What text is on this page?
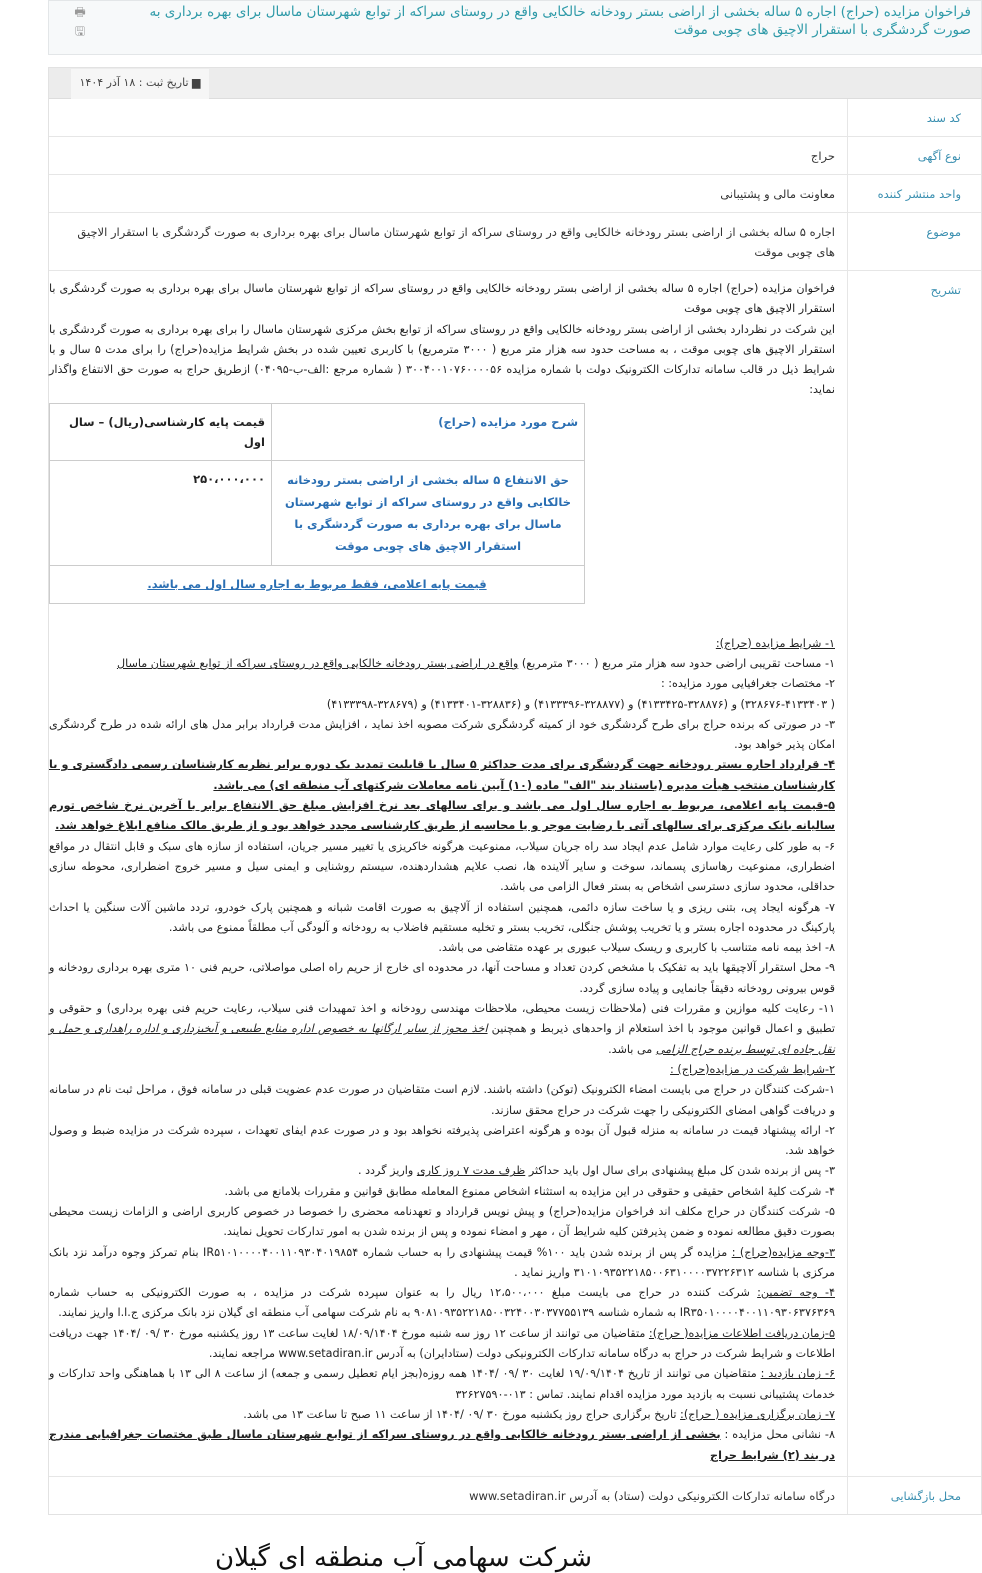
فراخوان مزایده (حراج) اجاره ۵ ساله بخشی از اراضی بستر رودخانه خالکایی واقع در روستای سراکه از توابع شهرستان ماسال برای بهره برداری به صورت گردشگری با استقرار الاچیق های چوبی موقت
🖶
🖫
▆ تاریخ ثبت : ۱۸ آذر ۱۴۰۴
کد سند
نوع آگهی
حراج
واحد منتشر کننده
معاونت مالی و پشتیبانی
موضوع
اجاره ۵ ساله بخشی از اراضی بستر رودخانه خالکایی واقع در روستای سراکه از توابع شهرستان ماسال برای بهره برداری به صورت گردشگری با استقرار الاچیق های چوبی موقت
تشریح

فراخوان مزایده (حراج) اجاره ۵ ساله بخشی از اراضی بستر رودخانه خالکایی واقع در روستای سراکه از توابع شهرستان ماسال برای بهره برداری به صورت گردشگری با استقرار الاچیق های چوبی موقت

این شرکت در نظردارد بخشی از اراضی بستر رودخانه خالکایی واقع در روستای سراکه از توابع بخش مرکزی شهرستان ماسال را برای بهره برداری به صورت گردشگری با استقرار الاچیق های چوبی موقت ، به مساحت حدود سه هزار متر مربع ( ۳۰۰۰ مترمربع) با کاربری تعیین شده در بخش شرایط مزایده(حراج) را برای مدت ۵ سال و با شرایط ذیل در قالب سامانه تدارکات الکترونیک دولت با شماره مزایده ۳۰۰۴۰۰۱۰۷۶۰۰۰۰۵۶ ( شماره مرجع :الف-ب-۰۴۰۹۵) ازطریق حراج به صورت حق الانتفاع واگذار نماید:

شرح مورد مزایده (حراج)	قیمت پایه کارشناسی(ریال) – سال اول
حق الانتفاع ۵ ساله بخشی از اراضی بستر رودخانه خالکایی واقع در روستای سراکه از توابع شهرستان ماسال برای بهره برداری به صورت گردشگری با استقرار الاچیق های چوبی موقت	۲۵۰،۰۰۰،۰۰۰
قیمت پایه اعلامی، فقط مربوط به اجاره سال اول می باشد.	

۱- شرایط مزایده (حراج):

۱- مساحت تقریبی اراضی حدود سه هزار متر مربع ( ۳۰۰۰ مترمربع) واقع در اراضی بستر رودخانه خالکایی واقع در روستای سراکه از توابع شهرستان ماسال

۲- مختصات جغرافیایی مورد مزایده: :

( ۳۲۸۶۷۶-۴۱۳۳۴۰۳) و (۳۲۸۸۷۶-۴۱۳۳۴۲۵) و (۳۲۸۸۷۷-۴۱۳۳۳۹۶) و (۳۲۸۸۳۶-۴۱۳۳۴۰۱) و (۳۲۸۶۷۹-۴۱۳۳۳۹۸)

۳- در صورتی که برنده حراج برای طرح گردشگری خود از کمیته گردشگری شرکت مصوبه اخذ نماید ، افزایش مدت قرارداد برابر مدل های ارائه شده در طرح گردشگری امکان پذیر خواهد بود.

۴- قرارداد اجاره بستر رودخانه جهت گردشگری برای مدت حداکثر ۵ سال با قابلیت تمدید یک دوره برابر نظریه کارشناسان رسمی دادگستری و یا کارشناسان منتخب هیأت مدیره (باستناد بند "الف" ماده (۱۰) آیین نامه معاملات شرکتهای آب منطقه ای) می باشد.

۵-قیمت پایه اعلامی، مربوط به اجاره سال اول می باشد و برای سالهای بعد نرخ افزایش مبلغ حق الانتفاع برابر با آخرین نرخ شاخص تورم سالیانه بانک مرکزی برای سالهای آتی با رضایت موجر و یا محاسبه از طریق کارشناسی مجدد خواهد بود و از طریق مالک منافع ابلاغ خواهد شد.

۶- به طور کلی رعایت موارد شامل عدم ایجاد سد راه جریان سیلاب، ممنوعیت هرگونه خاکریزی یا تغییر مسیر جریان، استفاده از سازه های سبک و قابل انتقال در مواقع اضطراری، ممنوعیت رهاسازی پسماند، سوخت و سایر آلاینده ها، نصب علایم هشداردهنده، سیستم روشنایی و ایمنی سیل و مسیر خروج اضطراری، محوطه سازی حداقلی، محدود سازی دسترسی اشخاص به بستر فعال الزامی می باشد.

۷- هرگونه ایجاد پی، بتنی ریزی و یا ساخت سازه دائمی، همچنین استفاده از آلاچیق به صورت اقامت شبانه و همچنین پارک خودرو، تردد ماشین آلات سنگین یا احداث پارکینگ در محدوده اجاره بستر و یا تخریب پوشش جنگلی، تخریب بستر و تخلیه مستقیم فاضلاب به رودخانه و آلودگی آب مطلقاً ممنوع می باشد.

۸- اخذ بیمه نامه متناسب با کاربری و ریسک سیلاب عبوری بر عهده متقاضی می باشد.

۹- محل استقرار آلاچیقها باید به تفکیک با مشخص کردن تعداد و مساحت آنها، در محدوده ای خارج از حریم راه اصلی مواصلاتی، حریم فنی ۱۰ متری بهره برداری رودخانه و قوس بیرونی رودخانه دقیقاً جانمایی و پیاده سازی گردد.

۱۱- رعایت کلیه موازین و مقررات فنی (ملاحظات زیست محیطی، ملاحظات مهندسی رودخانه و اخذ تمهیدات فنی سیلاب، رعایت حریم فنی بهره برداری) و حقوقی و تطبیق و اعمال قوانین موجود با اخذ استعلام از واحدهای ذیربط و همچنین اخذ مجوز از سایر ارگانها به خصوص اداره منابع طبیعی و آبخیزداری و اداره راهداری و حمل و نقل جاده ای توسط برنده حراج الزامی می باشد.

۲-شرایط شرکت در مزایده(حراج) :

۱-شرکت کنندگان در حراج می بایست امضاء الکترونیک (توکن) داشته باشند. لازم است متقاضیان در صورت عدم عضویت قبلی در سامانه فوق ، مراحل ثبت نام در سامانه و دریافت گواهی امضای الکترونیکی را جهت شرکت در حراج محقق سازند.

۲- ارائه پیشنهاد قیمت در سامانه به منزله قبول آن بوده و هرگونه اعتراضی پذیرفته نخواهد بود و در صورت عدم ایفای تعهدات ، سپرده شرکت در مزایده ضبط و وصول خواهد شد.

۳- پس از برنده شدن کل مبلغ پیشنهادی برای سال اول باید حداکثر ظرف مدت ۷ روز کاری واریز گردد .

۴- شرکت کلیهٔ اشخاص حقیقی و حقوقی در این مزایده به استثناء اشخاص ممنوع المعامله مطابق قوانین و مقررات بلامانع می باشد.

۵- شرکت کنندگان در حراج مکلف اند فراخوان مزایده(حراج) و پیش نویس قرارداد و تعهدنامه محضری را خصوصا در خصوص کاربری اراضی و الزامات زیست محیطی بصورت دقیق مطالعه نموده و ضمن پذیرفتن کلیه شرایط آن ، مهر و امضاء نموده و پس از برنده شدن به امور تدارکات تحویل نمایند.

۳-وجه مزایده(حراج) : مزایده گر پس از برنده شدن باید ۱۰۰% قیمت پیشنهادی را به حساب شماره IR۵۱۰۱۰۰۰۰۴۰۰۱۱۰۹۳۰۴۰۱۹۸۵۴ بنام تمرکز وجوه درآمد نزد بانک مرکزی با شناسه ۳۱۰۱۰۹۳۵۲۲۱۸۵۰۰۶۳۱۰۰۰۰۳۷۲۲۶۳۱۲ واریز نماید .

۴- وجه تضمین: شرکت کننده در حراج می بایست مبلغ ۱۲،۵۰۰،۰۰۰ ریال را به عنوان سپرده شرکت در مزایده ، به صورت الکترونیکی به حساب شماره IR۳۵۰۱۰۰۰۰۴۰۰۱۱۰۹۳۰۶۳۷۶۳۶۹ به شماره شناسه ۹۰۸۱۰۹۳۵۲۲۱۸۵۰۰۳۲۴۰۰۳۰۳۷۷۵۵۱۳۹ به نام شرکت سهامی آب منطقه ای گیلان نزد بانک مرکزی ج.ا.ا واریز نمایند.

۵-زمان دریافت اطلاعات مزایده( حراج): متقاضیان می توانند از ساعت ۱۲ روز سه شنبه مورخ ۱۸/۰۹/۱۴۰۴ لغایت ساعت ۱۳ روز یکشنبه مورخ ۳۰ /۰۹ /۱۴۰۴ جهت دریافت اطلاعات و شرایط شرکت در حراج به درگاه سامانه تدارکات الکترونیکی دولت (ستادایران) به آدرس www.setadiran.ir مراجعه نمایند.

۶- زمان بازدید : متقاضیان می توانند از تاریخ ۱۹/۰۹/۱۴۰۴ لغایت ۳۰ /۰۹ /۱۴۰۴ همه روزه(بجز ایام تعطیل رسمی و جمعه) از ساعت ۸ الی ۱۳ با هماهنگی واحد تدارکات و خدمات پشتیبانی نسبت به بازدید مورد مزایده اقدام نمایند. تماس : ۰۱۳-۳۲۶۲۷۵۹۰

۷- زمان برگزاری مزایده ( حراج): تاریخ برگزاری حراج روز یکشنبه مورخ ۳۰ /۰۹ /۱۴۰۴ از ساعت ۱۱ صبح تا ساعت ۱۳ می باشد.

۸- نشانی محل مزایده : بخشی از اراضی بستر رودخانه خالکایی واقع در روستای سراکه از توابع شهرستان ماسال طبق مختصات جغرافیایی مندرج در بند (۲) شرایط حراج

محل بازگشایی
درگاه سامانه تدارکات الکترونیکی دولت (ستاد) به آدرس www.setadiran.ir
شرکت سهامی آب منطقه ای گیلان
